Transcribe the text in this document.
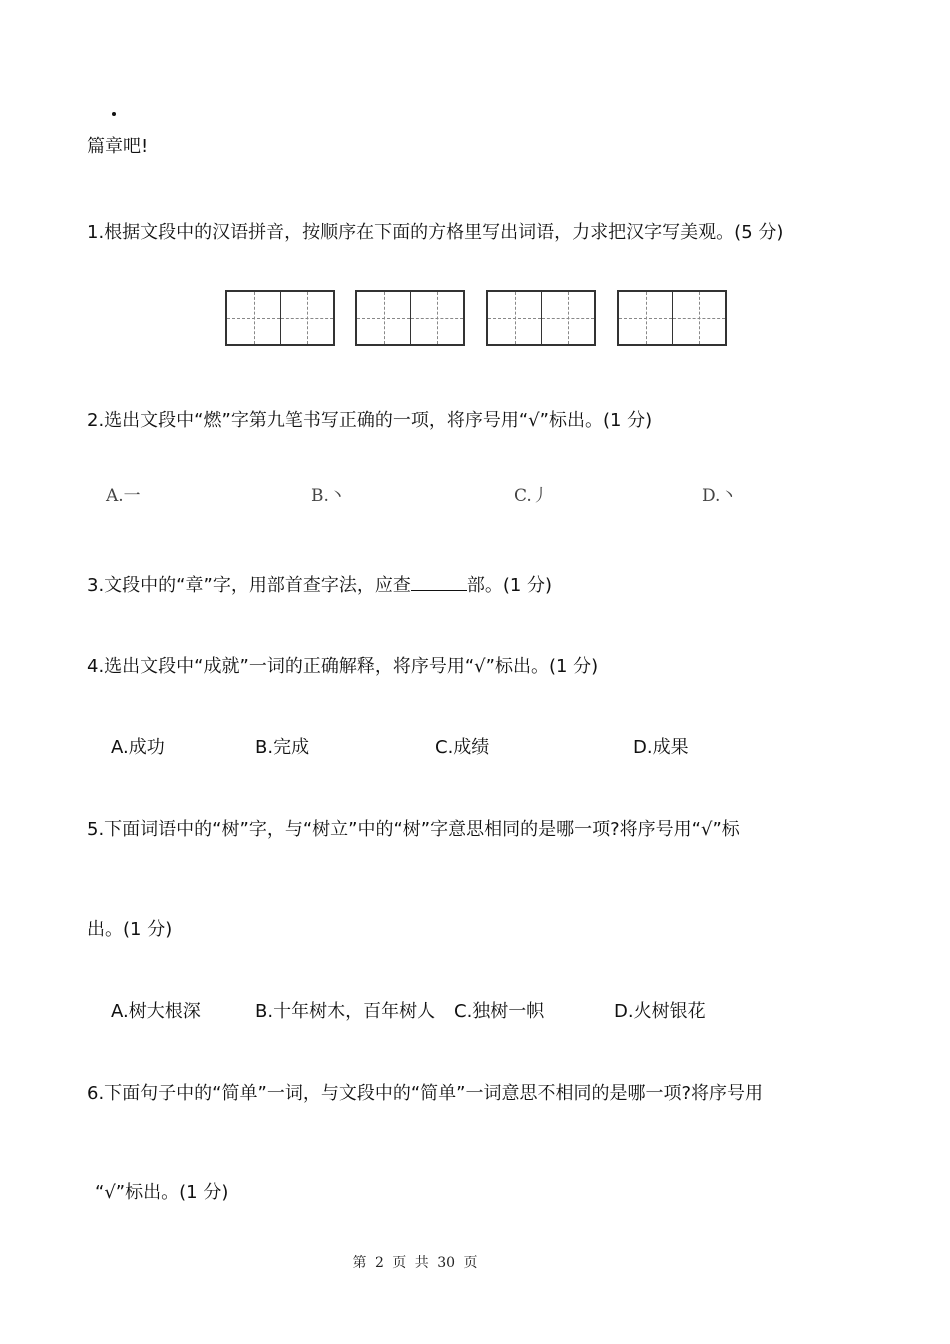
篇章吧!
1.根据文段中的汉语拼音，按顺序在下面的方格里写出词语，力求把汉字写美观。(5 分)
2.选出文段中“燃”字第九笔书写正确的一项，将序号用“√”标出。(1 分)
A.一	B.丶	C.丿	D.丶
3.文段中的“章”字，用部首查字法，应查	部。(1 分)
4.选出文段中“成就”一词的正确解释，将序号用“√”标出。(1 分)
A.成功	B.完成	C.成绩	D.成果
5.下面词语中的“树”字，与“树立”中的“树”字意思相同的是哪一项?将序号用“√”标
出。(1 分)
A.树大根深	B.十年树木，百年树人 C.独树一帜	D.火树银花
6.下面句子中的“简单”一词，与文段中的“简单”一词意思不相同的是哪一项?将序号用
“√”标出。(1 分)
第 2 页 共 30 页
